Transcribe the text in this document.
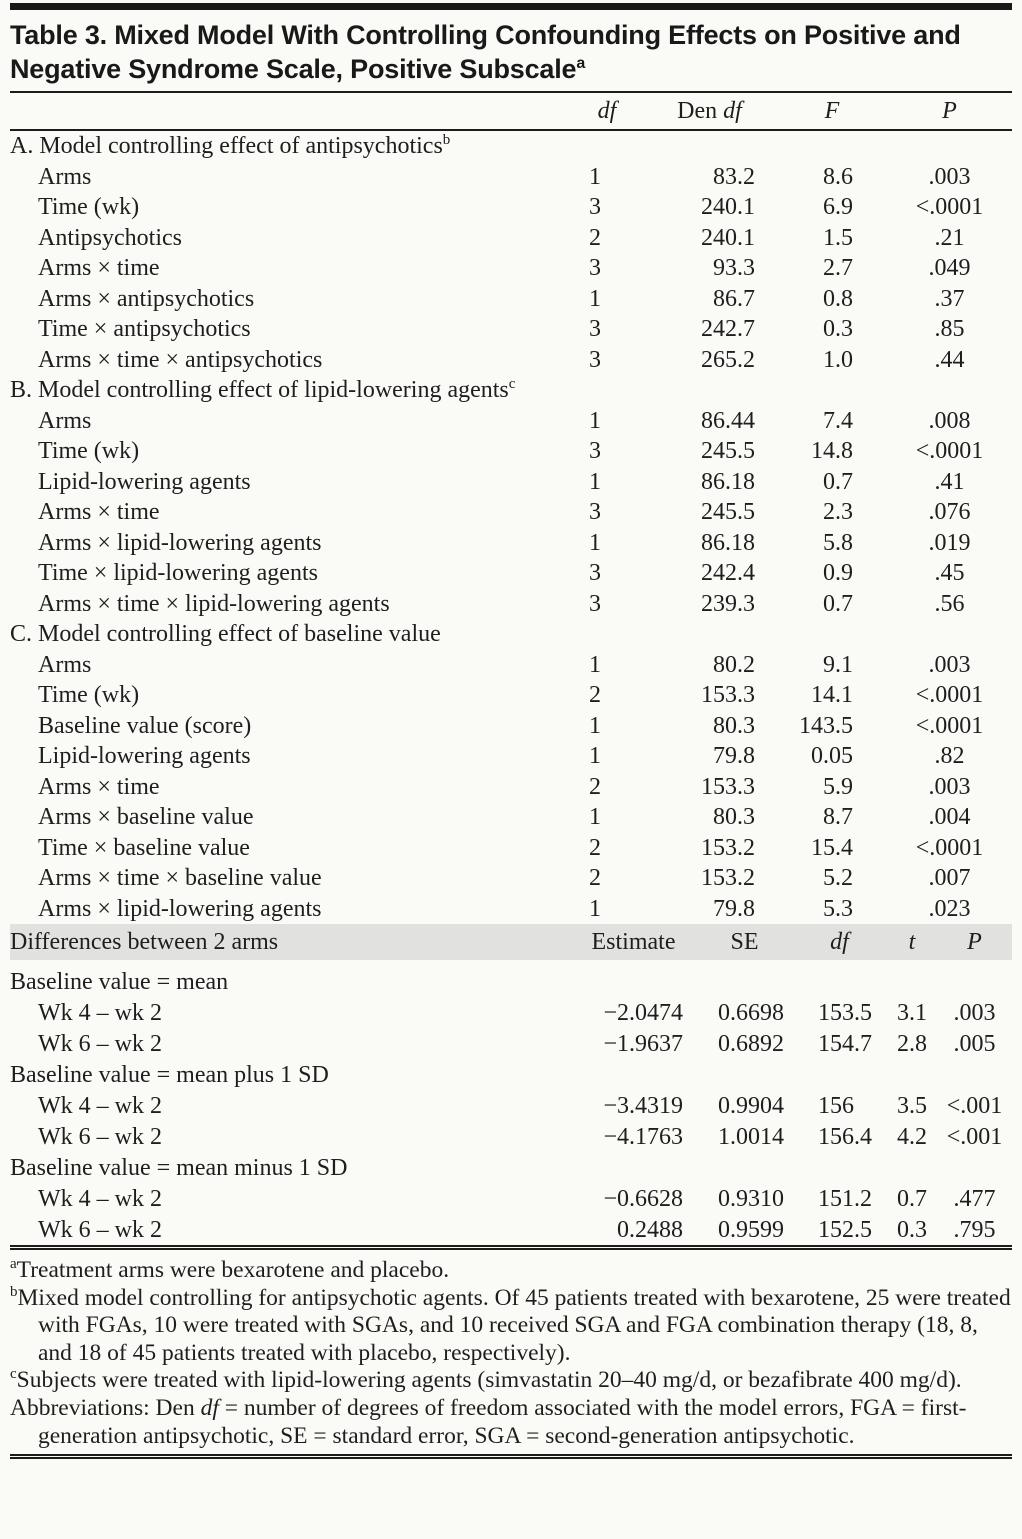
Table 3. Mixed Model With Controlling Confounding Effects on Positive and Negative Syndrome Scale, Positive Subscale$^a$
	df	Den df	F	P
A. Model controlling effect of antipsychotics$^b$
Arms	1	83.2	8.6	.003
Time (wk)	3	240.1	6.9	<.0001
Antipsychotics	2	240.1	1.5	.21
Arms × time	3	93.3	2.7	.049
Arms × antipsychotics	1	86.7	0.8	.37
Time × antipsychotics	3	242.7	0.3	.85
Arms × time × antipsychotics	3	265.2	1.0	.44
B. Model controlling effect of lipid-lowering agents$^c$
Arms	1	86.44	7.4	.008
Time (wk)	3	245.5	14.8	<.0001
Lipid-lowering agents	1	86.18	0.7	.41
Arms × time	3	245.5	2.3	.076
Arms × lipid-lowering agents	1	86.18	5.8	.019
Time × lipid-lowering agents	3	242.4	0.9	.45
Arms × time × lipid-lowering agents	3	239.3	0.7	.56
C. Model controlling effect of baseline value				
Arms	1	80.2	9.1	.003
Time (wk)	2	153.3	14.1	<.0001
Baseline value (score)	1	80.3	143.5	<.0001
Lipid-lowering agents	1	79.8	0.05	.82
Arms × time	2	153.3	5.9	.003
Arms × baseline value	1	80.3	8.7	.004
Time × baseline value	2	153.2	15.4	<.0001
Arms × time × baseline value	2	153.2	5.2	.007
Arms × lipid-lowering agents	1	79.8	5.3	.023
Differences between 2 arms	Estimate	SE	df	t	P

Baseline value = mean					
Wk 4 – wk 2	−2.0474	0.6698	153.5	3.1	.003
Wk 6 – wk 2	−1.9637	0.6892	154.7	2.8	.005
Baseline value = mean plus 1 SD					
Wk 4 – wk 2	−3.4319	0.9904	156	3.5	<.001
Wk 6 – wk 2	−4.1763	1.0014	156.4	4.2	<.001
Baseline value = mean minus 1 SD					
Wk 4 – wk 2	−0.6628	0.9310	151.2	0.7	.477
Wk 6 – wk 2	0.2488	0.9599	152.5	0.3	.795
$^a$Treatment arms were bexarotene and placebo.
$^b$Mixed model controlling for antipsychotic agents. Of 45 patients treated with bexarotene, 25 were treated with FGAs, 10 were treated with SGAs, and 10 received SGA and FGA combination therapy (18, 8, and 18 of 45 patients treated with placebo, respectively).
$^c$Subjects were treated with lipid-lowering agents (simvastatin 20–40 mg/d, or bezafibrate 400 mg/d).
Abbreviations: Den df = number of degrees of freedom associated with the model errors, FGA = first-generation antipsychotic, SE = standard error, SGA = second-generation antipsychotic.
